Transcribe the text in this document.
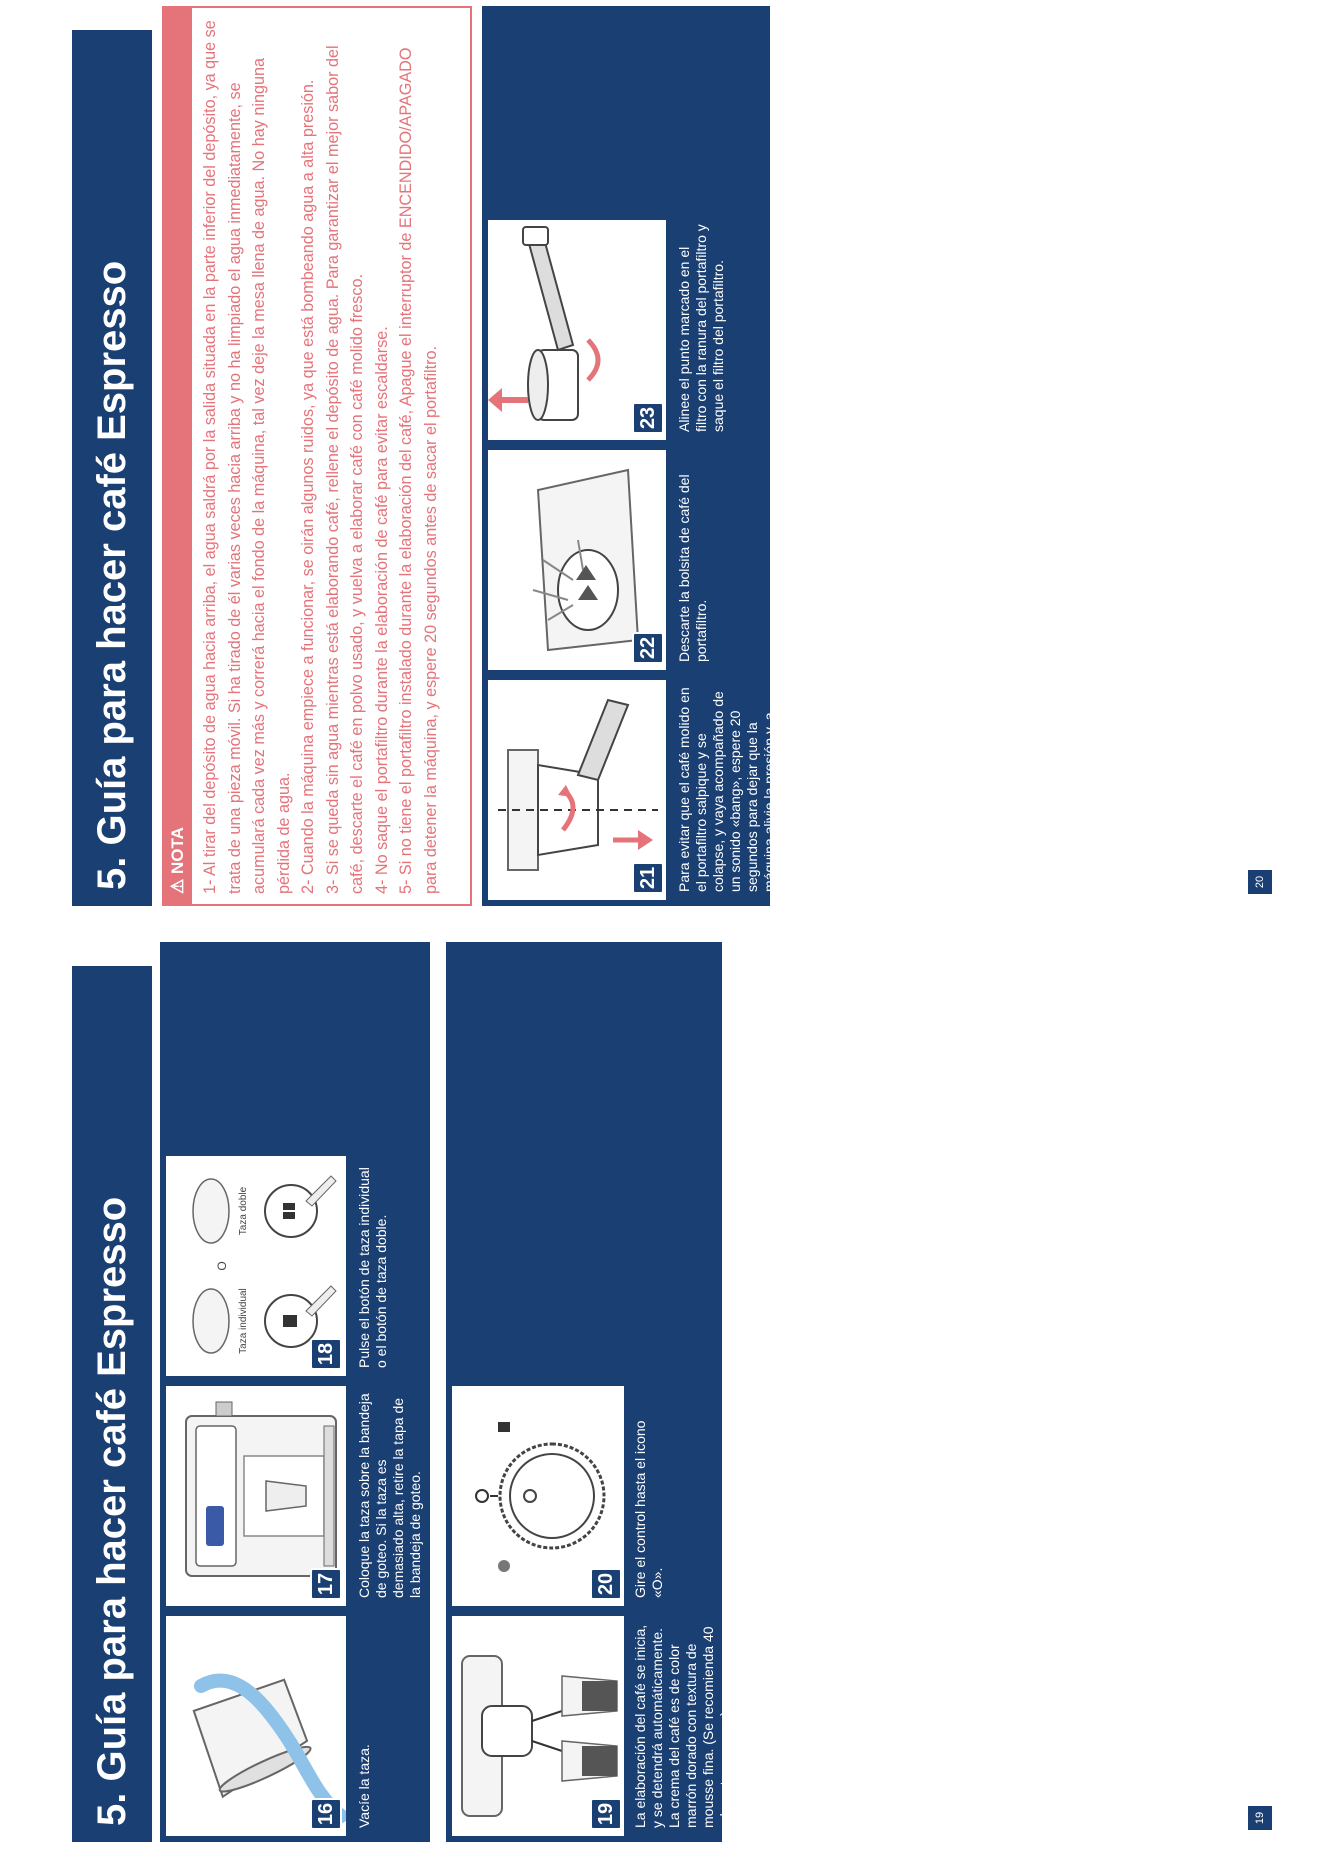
5. Guía para hacer café Espresso	16	Vacíe la taza.
17	Coloque la taza sobre la bandeja de goteo. Si la taza es demasiado alta, retire la tapa de la bandeja de goteo.
Taza individual
Taza doble
O
18	Pulse el botón de taza individual o el botón de taza doble.
19	La elaboración del café se inicia, y se detendrá automáticamente. La crema del café es de color marrón dorado con textura de mousse fina. (Se recomienda 40 ml por taza aprox.)
20	Gire el control hasta el icono «O».
19
5. Guía para hacer café Espresso	⚠ NOTA 1- Al tirar del depósito de agua hacia arriba, el agua saldrá por la salida situada en la parte inferior del depósito, ya que se trata de una pieza móvil. Si ha tirado de él varias veces hacia arriba y no ha limpiado el agua inmediatamente, se acumulará cada vez más y correrá hacia el fondo de la máquina, tal vez deje la mesa llena de agua. No hay ninguna pérdida de agua. 2- Cuando la máquina empiece a funcionar, se oirán algunos ruidos, ya que está bombeando agua a alta presión. 3- Si se queda sin agua mientras está elaborando café, rellene el depósito de agua. Para garantizar el mejor sabor del café, descarte el café en polvo usado, y vuelva a elaborar café con café molido fresco. 4- No saque el portafiltro durante la elaboración de café para evitar escaldarse. 5- Si no tiene el portafiltro instalado durante la elaboración del café, Apague el interruptor de ENCENDIDO/APAGADO para detener la máquina, y espere 20 segundos antes de sacar el portafiltro.	21	Para evitar que el café molido en el portafiltro salpique y se colapse, y vaya acompañado de un sonido «bang», espere 20 segundos para dejar que la máquina alivie la presión y, a continuación, gire el portafiltro en sentido horario para sacarlo de la máquina.
22	Descarte la bolsita de café del portafiltro.
23	Alinee el punto marcado en el filtro con la ranura del portafiltro y saque el filtro del portafiltro.
20
